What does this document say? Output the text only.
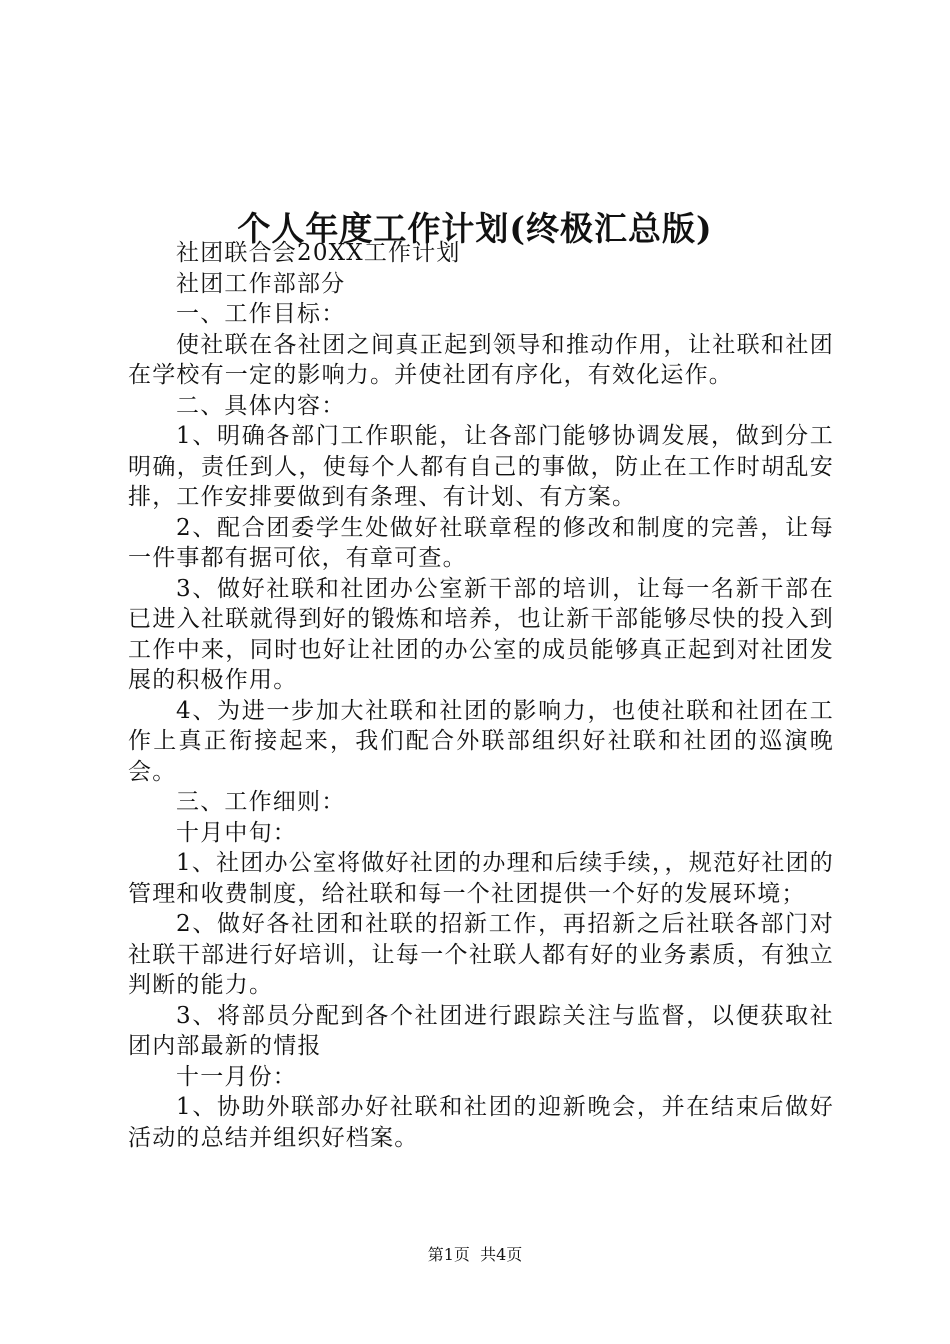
个人年度工作计划(终极汇总版)

社团联合会20XX工作计划

社团工作部部分

一、工作目标：

使社联在各社团之间真正起到领导和推动作用，让社联和社团在学校有一定的影响力。并使社团有序化，有效化运作。

二、具体内容：

1、明确各部门工作职能，让各部门能够协调发展，做到分工明确，责任到人，使每个人都有自己的事做，防止在工作时胡乱安排，工作安排要做到有条理、有计划、有方案。

2、配合团委学生处做好社联章程的修改和制度的完善，让每一件事都有据可依，有章可查。

3、做好社联和社团办公室新干部的培训，让每一名新干部在已进入社联就得到好的锻炼和培养，也让新干部能够尽快的投入到工作中来，同时也好让社团的办公室的成员能够真正起到对社团发展的积极作用。

4、为进一步加大社联和社团的影响力，也使社联和社团在工作上真正衔接起来，我们配合外联部组织好社联和社团的巡演晚会。

三、工作细则：

十月中旬：

1、社团办公室将做好社团的办理和后续手续，，规范好社团的管理和收费制度，给社联和每一个社团提供一个好的发展环境；

2、做好各社团和社联的招新工作，再招新之后社联各部门对社联干部进行好培训，让每一个社联人都有好的业务素质，有独立判断的能力。

3、将部员分配到各个社团进行跟踪关注与监督，以便获取社团内部最新的情报

十一月份：

1、协助外联部办好社联和社团的迎新晚会，并在结束后做好活动的总结并组织好档案。

第1页  共4页
